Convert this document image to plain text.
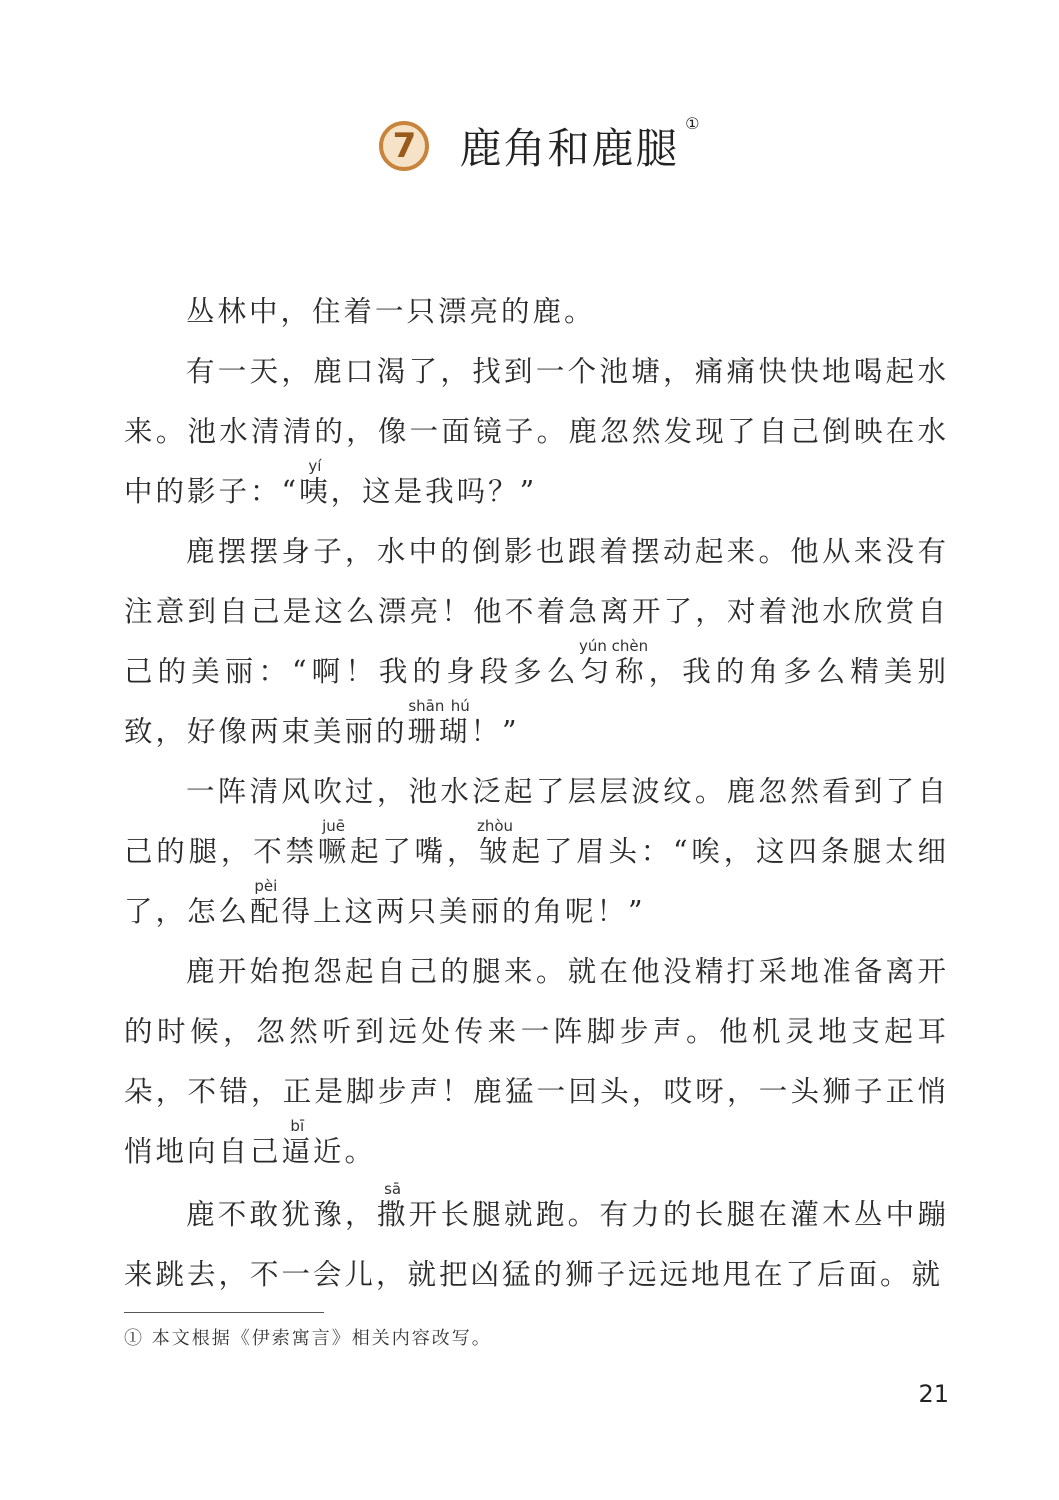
7	鹿角和鹿腿
①

丛林中，住着一只漂亮的鹿。

有一天，鹿口渴了，找到一个池塘，痛痛快快地喝起水来。池水清清的，像一面镜子。鹿忽然发现了自己倒映在水中的影子：“咦yí，这是我吗？”

鹿摆摆身子，水中的倒影也跟着摆动起来。他从来没有注意到自己是这么漂亮！他不着急离开了，对着池水欣赏自己的美丽：“啊！我的身段多么匀称yún chèn，我的角多么精美别致，好像两束美丽的珊瑚shān hú！”

一阵清风吹过，池水泛起了层层波纹。鹿忽然看到了自己的腿，不禁噘juē起了嘴，皱zhòu起了眉头：“唉，这四条腿太细了，怎么配pèi得上这两只美丽的角呢！”

鹿开始抱怨起自己的腿来。就在他没精打采地准备离开的时候，忽然听到远处传来一阵脚步声。他机灵地支起耳朵，不错，正是脚步声！鹿猛一回头，哎呀，一头狮子正悄悄地向自己逼bī近。

鹿不敢犹豫，撒sā开长腿就跑。有力的长腿在灌木丛中蹦来跳去，不一会儿，就把凶猛的狮子远远地甩在了后面。就

① 本文根据《伊索寓言》相关内容改写。
21
